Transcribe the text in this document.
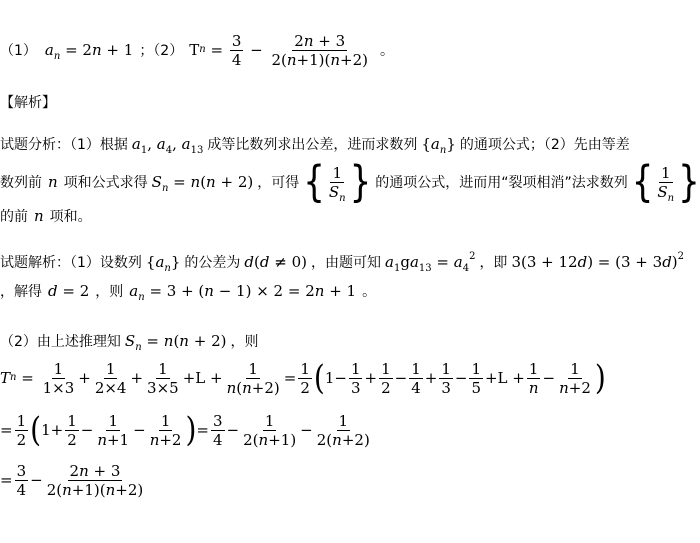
（1） $a_n = 2n + 1$ ；（2） T $n = \frac{3}{4} - \frac{2n + 3}{2(n+1)(n+2)}$ 。
【解析】
试题分析：（1）根据 $a_1$, $a_4$, $a_{13}$ 成等比数列求出公差，进而求数列 $\{a_n\}$ 的通项公式；（2）先由等差
数列前 n 项和公式求得 $S_n = n(n + 2)$ ，可得 { $\frac{1}{S_n}$ } 的通项公式，进而用“裂项相消”法求数列 { $\frac{1}{S_n}$ }
的前 n 项和。
试题解析：（1）设数列 $\{a_n\}$ 的公差为 d(d ≠ 0) ，由题可知 $a_1ga_{13} = a_4^2$ ，即 $3(3 + 12d) = (3 + 3d)^2$
，解得 d = 2 ，则 $a_n = 3 + (n - 1) \times 2 = 2n + 1$ 。
（2）由上述推理知 $S_n = n(n + 2)$ ，则
T $n = \frac{1}{1\times 3} + \frac{1}{2\times 4} + \frac{1}{3\times 5} +L + \frac{1}{n(n+2)} = \frac{1}{2}$ ( $1- \frac{1}{3} + \frac{1}{2} - \frac{1}{4} + \frac{1}{3} - \frac{1}{5} +L + \frac{1}{n} - \frac{1}{n+2}$ )
= $\frac{1}{2}$ ( $1+ \frac{1}{2} - \frac{1}{n+1} - \frac{1}{n+2}$ ) = $\frac{3}{4} - \frac{1}{2(n+1)} - \frac{1}{2(n+2)}$
= $\frac{3}{4} - \frac{2n + 3}{2(n+1)(n+2)}$
